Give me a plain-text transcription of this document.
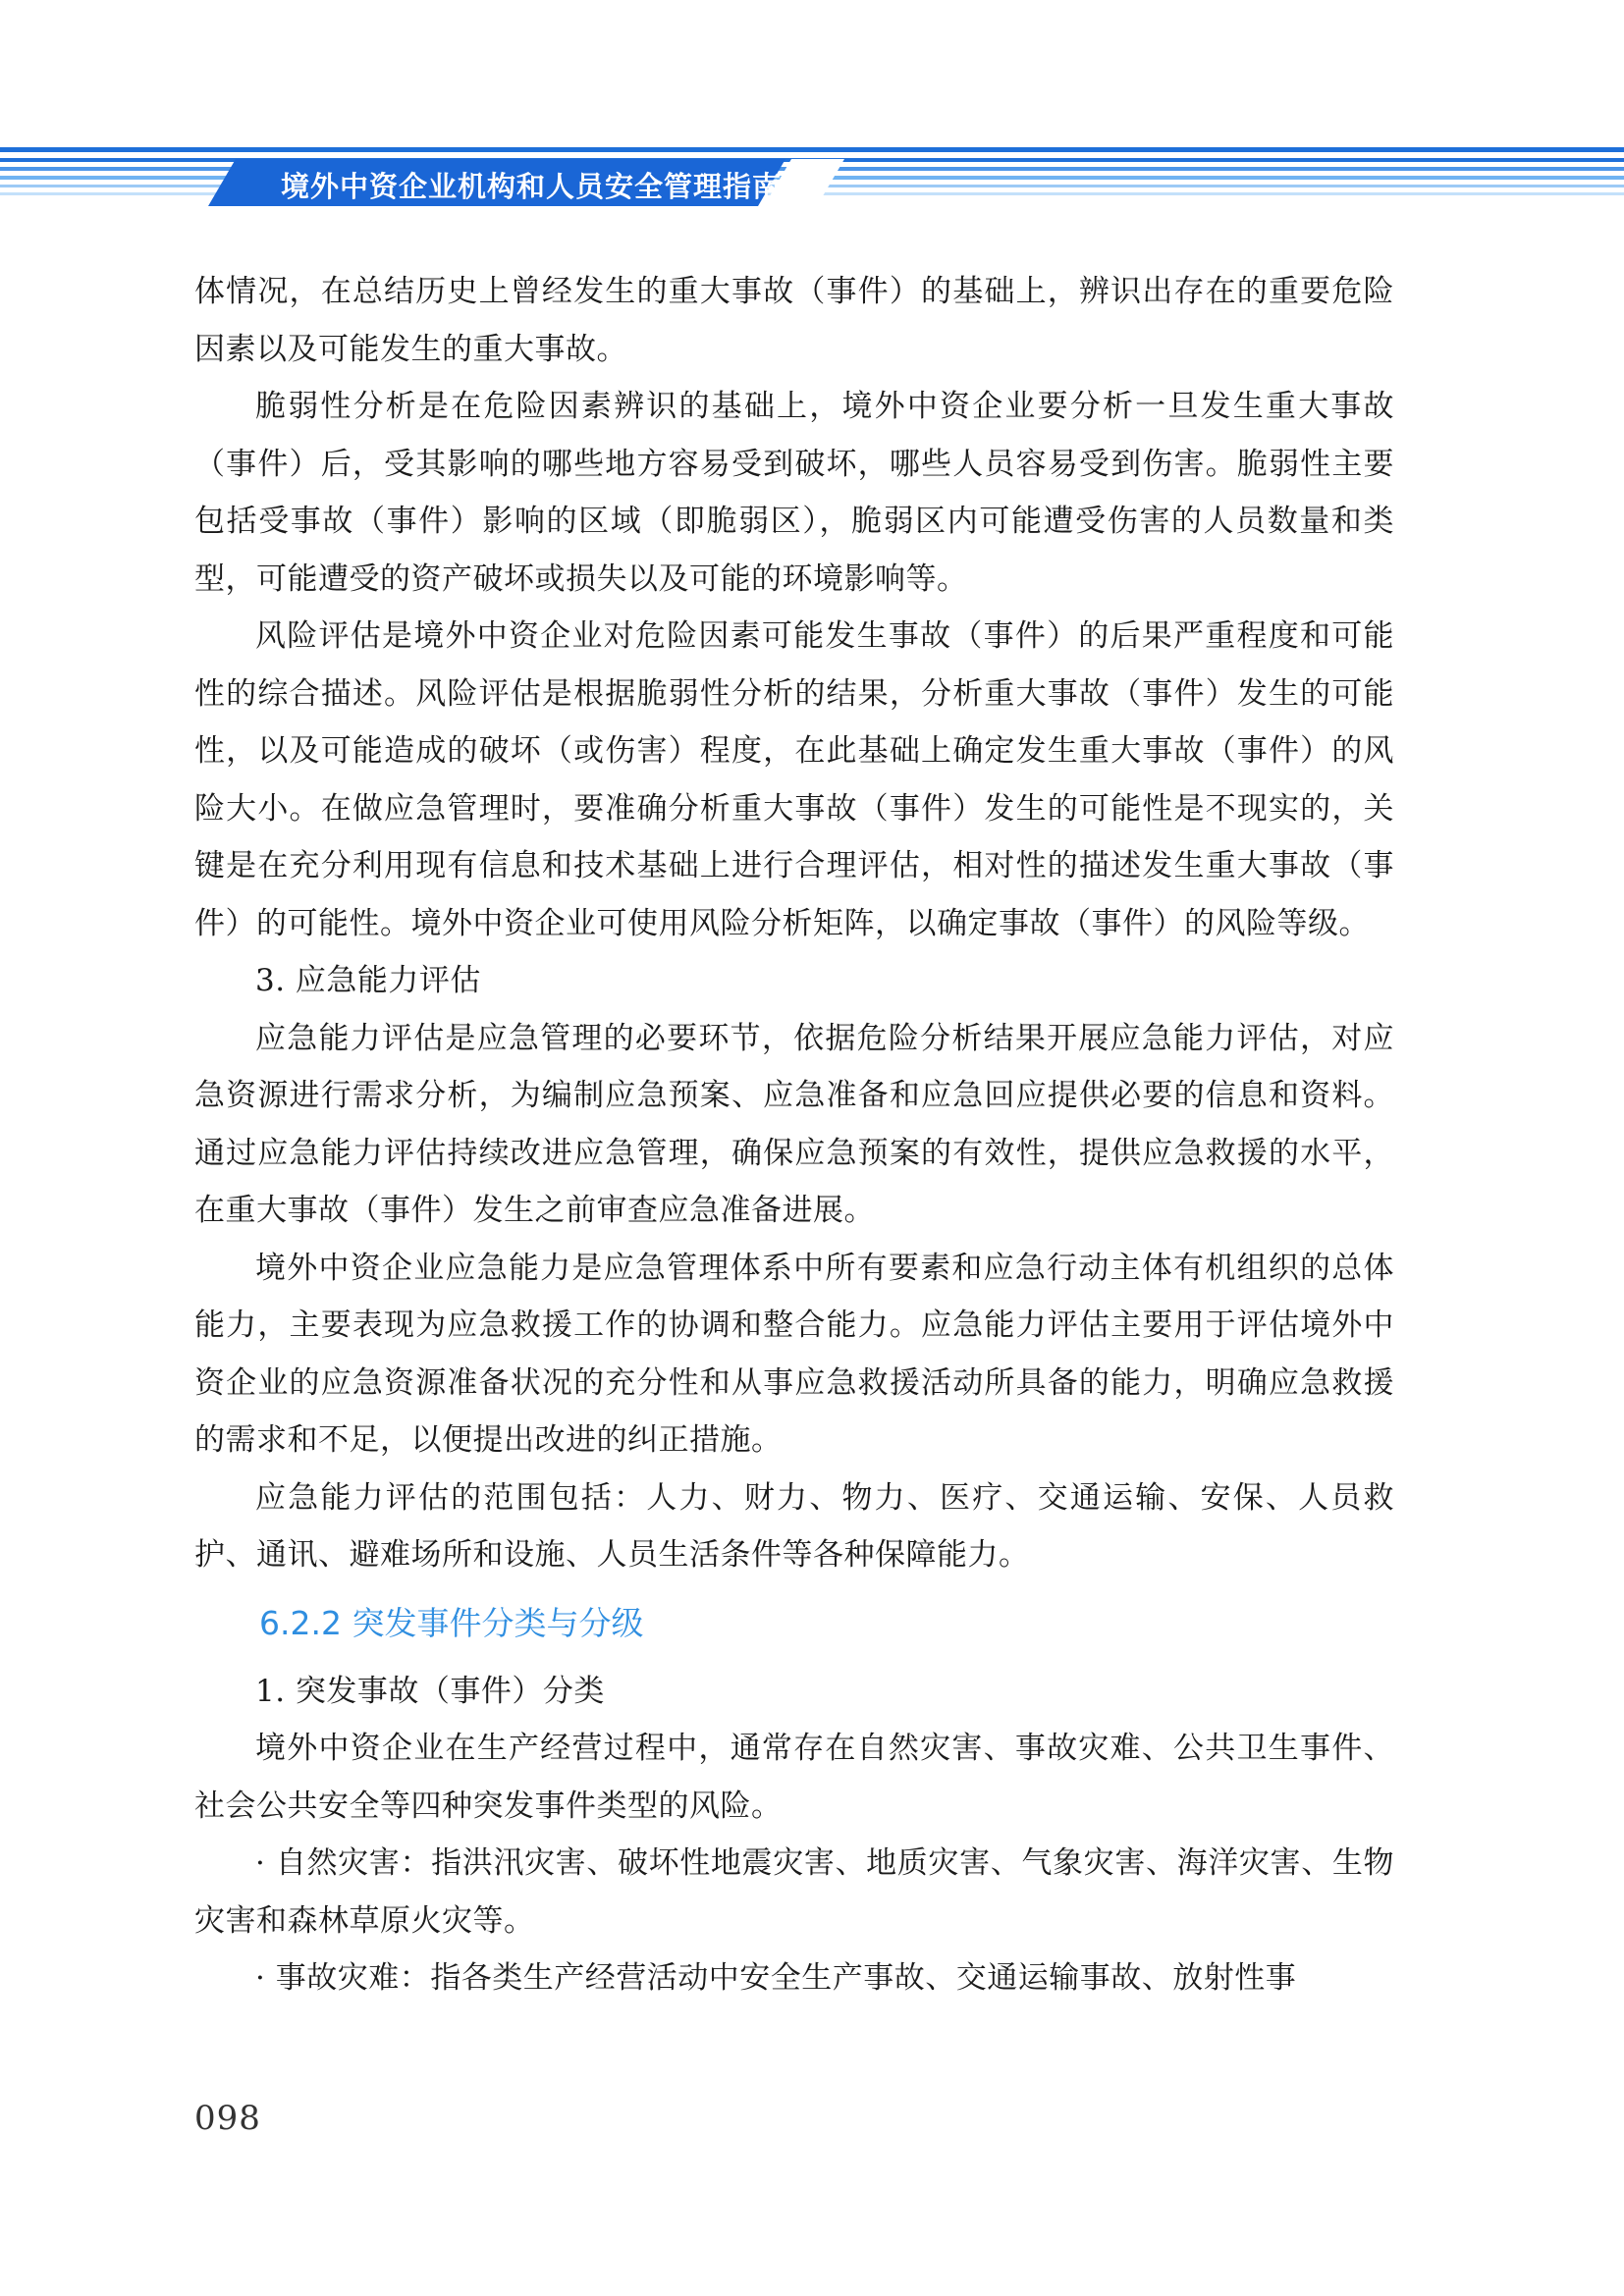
境外中资企业机构和人员安全管理指南

体情况，在总结历史上曾经发生的重大事故（事件）的基础上，辨识出存在的重要危险因素以及可能发生的重大事故。

脆弱性分析是在危险因素辨识的基础上，境外中资企业要分析一旦发生重大事故（事件）后，受其影响的哪些地方容易受到破坏，哪些人员容易受到伤害。脆弱性主要包括受事故（事件）影响的区域（即脆弱区），脆弱区内可能遭受伤害的人员数量和类型，可能遭受的资产破坏或损失以及可能的环境影响等。

风险评估是境外中资企业对危险因素可能发生事故（事件）的后果严重程度和可能性的综合描述。风险评估是根据脆弱性分析的结果，分析重大事故（事件）发生的可能性，以及可能造成的破坏（或伤害）程度，在此基础上确定发生重大事故（事件）的风险大小。在做应急管理时，要准确分析重大事故（事件）发生的可能性是不现实的，关键是在充分利用现有信息和技术基础上进行合理评估，相对性的描述发生重大事故（事件）的可能性。境外中资企业可使用风险分析矩阵，以确定事故（事件）的风险等级。

3. 应急能力评估

应急能力评估是应急管理的必要环节，依据危险分析结果开展应急能力评估，对应急资源进行需求分析，为编制应急预案、应急准备和应急回应提供必要的信息和资料。通过应急能力评估持续改进应急管理，确保应急预案的有效性，提供应急救援的水平，在重大事故（事件）发生之前审查应急准备进展。

境外中资企业应急能力是应急管理体系中所有要素和应急行动主体有机组织的总体能力，主要表现为应急救援工作的协调和整合能力。应急能力评估主要用于评估境外中资企业的应急资源准备状况的充分性和从事应急救援活动所具备的能力，明确应急救援的需求和不足，以便提出改进的纠正措施。

应急能力评估的范围包括：人力、财力、物力、医疗、交通运输、安保、人员救护、通讯、避难场所和设施、人员生活条件等各种保障能力。

6.2.2 突发事件分类与分级

1. 突发事故（事件）分类

境外中资企业在生产经营过程中，通常存在自然灾害、事故灾难、公共卫生事件、社会公共安全等四种突发事件类型的风险。

· 自然灾害：指洪汛灾害、破坏性地震灾害、地质灾害、气象灾害、海洋灾害、生物灾害和森林草原火灾等。

· 事故灾难：指各类生产经营活动中安全生产事故、交通运输事故、放射性事

098
